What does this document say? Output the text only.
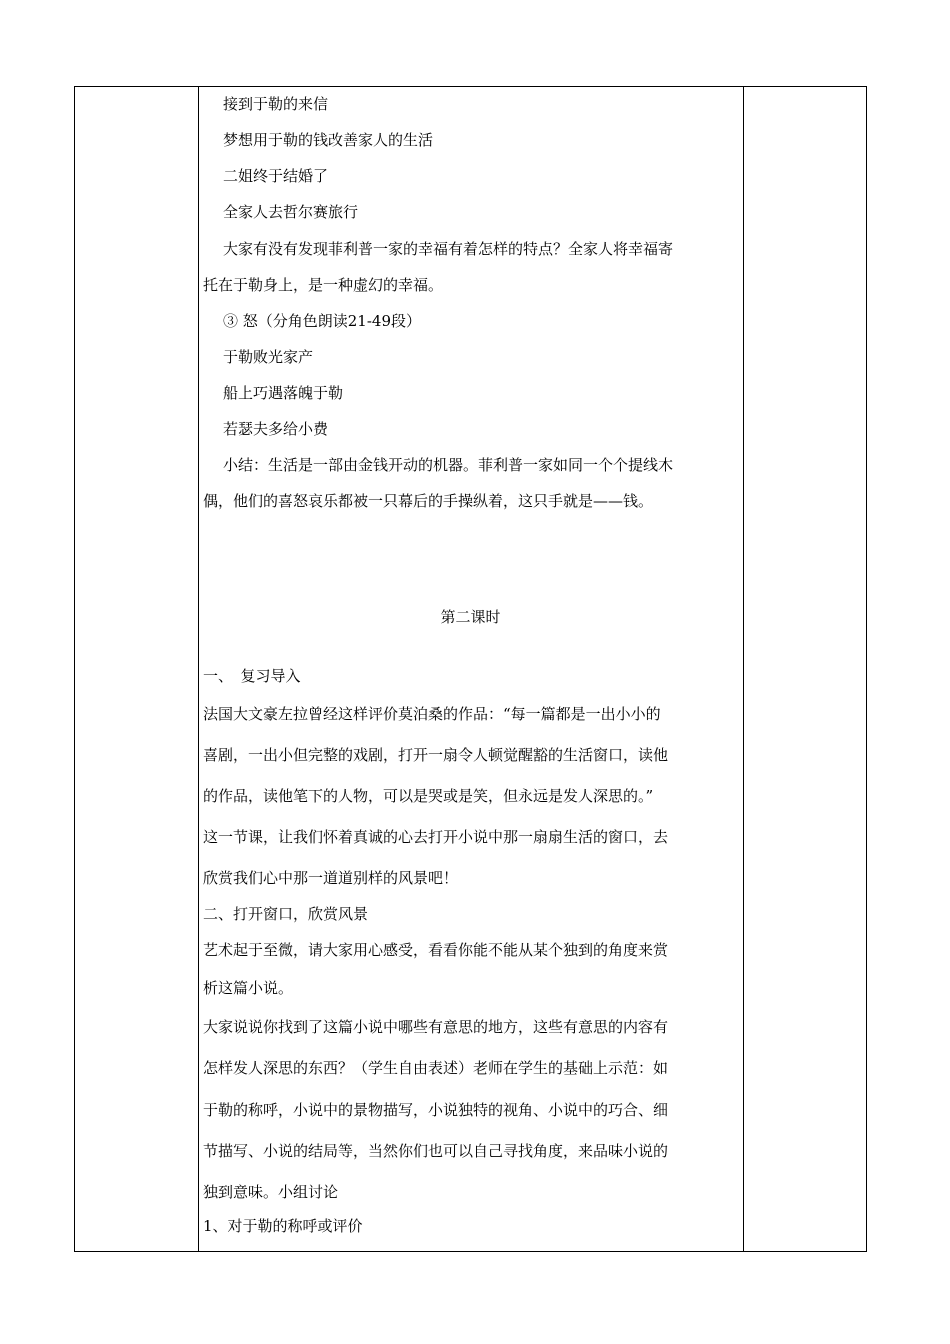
接到于勒的来信
梦想用于勒的钱改善家人的生活
二姐终于结婚了
全家人去哲尔赛旅行
大家有没有发现菲利普一家的幸福有着怎样的特点？全家人将幸福寄
托在于勒身上，是一种虚幻的幸福。
③ 怒（分角色朗读21-49段）
于勒败光家产
船上巧遇落魄于勒
若瑟夫多给小费
小结：生活是一部由金钱开动的机器。菲利普一家如同一个个提线木
偶，他们的喜怒哀乐都被一只幕后的手操纵着，这只手就是——钱。
第二课时
一、　复习导入
法国大文豪左拉曾经这样评价莫泊桑的作品：“每一篇都是一出小小的
喜剧，一出小但完整的戏剧，打开一扇令人顿觉醒豁的生活窗口，读他
的作品，读他笔下的人物，可以是哭或是笑，但永远是发人深思的。”
这一节课，让我们怀着真诚的心去打开小说中那一扇扇生活的窗口，去
欣赏我们心中那一道道别样的风景吧！
二、打开窗口，欣赏风景
艺术起于至微，请大家用心感受，看看你能不能从某个独到的角度来赏
析这篇小说。
大家说说你找到了这篇小说中哪些有意思的地方，这些有意思的内容有
怎样发人深思的东西？（学生自由表述）老师在学生的基础上示范：如
于勒的称呼，小说中的景物描写，小说独特的视角、小说中的巧合、细
节描写、小说的结局等，当然你们也可以自己寻找角度，来品味小说的
独到意味。小组讨论
1、对于勒的称呼或评价
